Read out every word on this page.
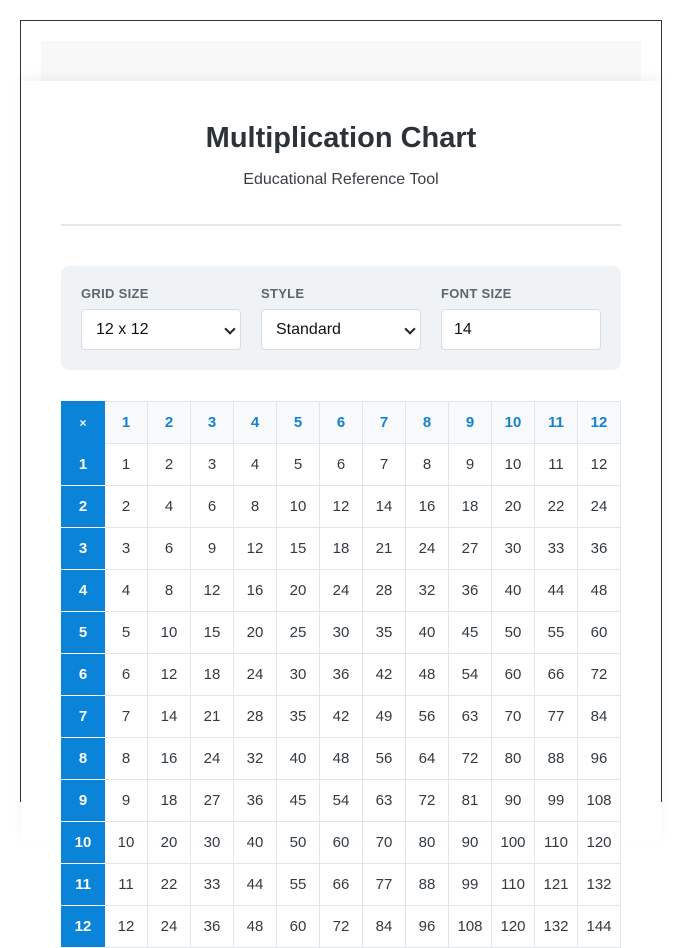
Multiplication Chart

Educational Reference Tool

GRID SIZE
12 x 12
STYLE
Standard
FONT SIZE
14
×	1	2	3	4	5	6	7	8	9	10	11	12
1	1	2	3	4	5	6	7	8	9	10	11	12
2	2	4	6	8	10	12	14	16	18	20	22	24
3	3	6	9	12	15	18	21	24	27	30	33	36
4	4	8	12	16	20	24	28	32	36	40	44	48
5	5	10	15	20	25	30	35	40	45	50	55	60
6	6	12	18	24	30	36	42	48	54	60	66	72
7	7	14	21	28	35	42	49	56	63	70	77	84
8	8	16	24	32	40	48	56	64	72	80	88	96
9	9	18	27	36	45	54	63	72	81	90	99	108
10	10	20	30	40	50	60	70	80	90	100	110	120
11	11	22	33	44	55	66	77	88	99	110	121	132
12	12	24	36	48	60	72	84	96	108	120	132	144
